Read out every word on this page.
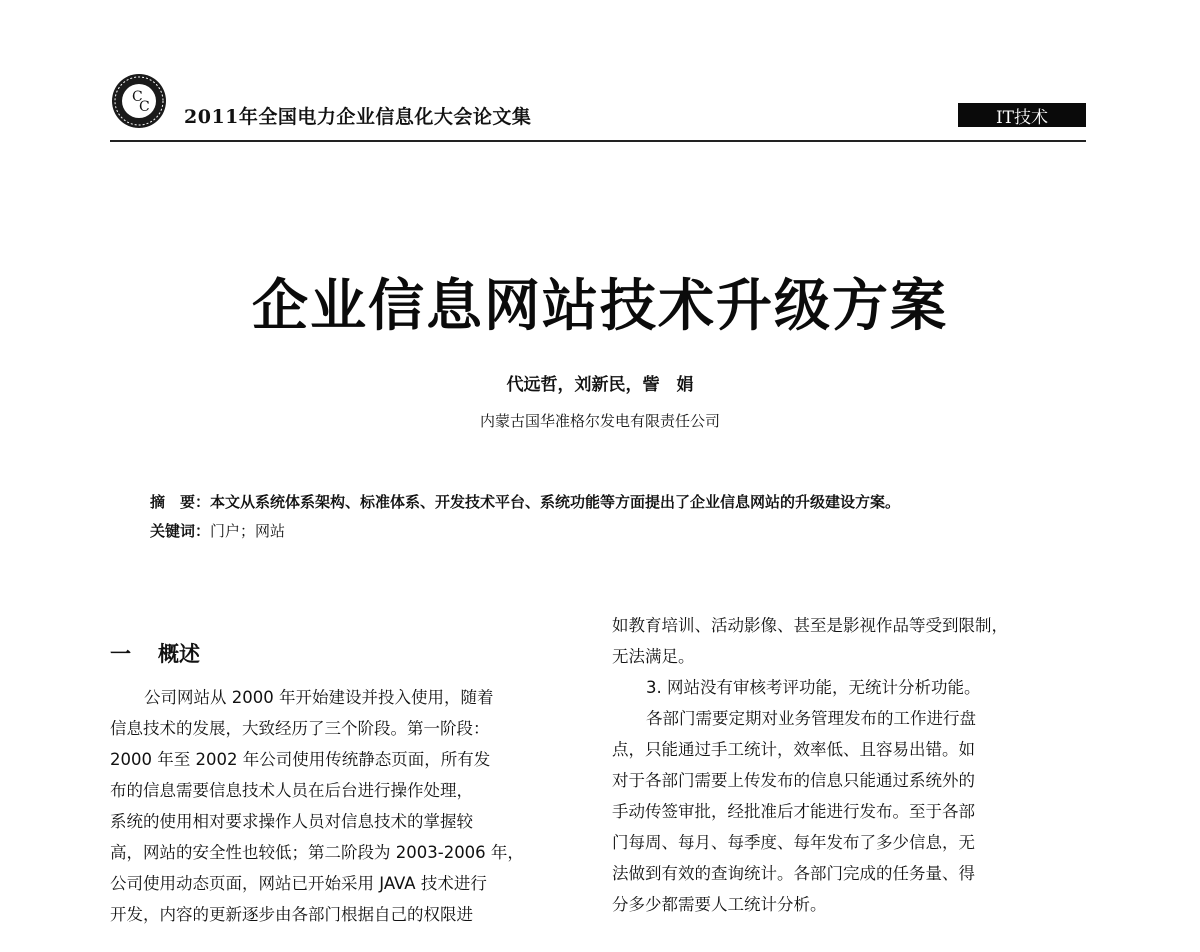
C
C 2011年全国电力企业信息化大会论文集	IT技术
企业信息网站技术升级方案
代远哲，刘新民，訾　娟
内蒙古国华准格尔发电有限责任公司
摘　要：本文从系统体系架构、标准体系、开发技术平台、系统功能等方面提出了企业信息网站的升级建设方案。
关键词：门户；网站
一	概述
公司网站从 2000 年开始建设并投入使用，随着
信息技术的发展，大致经历了三个阶段。第一阶段：
2000 年至 2002 年公司使用传统静态页面，所有发
布的信息需要信息技术人员在后台进行操作处理，
系统的使用相对要求操作人员对信息技术的掌握较
高，网站的安全性也较低；第二阶段为 2003-2006 年，
公司使用动态页面，网站已开始采用 JAVA 技术进行
开发，内容的更新逐步由各部门根据自己的权限进
如教育培训、活动影像、甚至是影视作品等受到限制，
无法满足。
3. 网站没有审核考评功能，无统计分析功能。
各部门需要定期对业务管理发布的工作进行盘
点，只能通过手工统计，效率低、且容易出错。如
对于各部门需要上传发布的信息只能通过系统外的
手动传签审批，经批准后才能进行发布。至于各部
门每周、每月、每季度、每年发布了多少信息，无
法做到有效的查询统计。各部门完成的任务量、得
分多少都需要人工统计分析。
